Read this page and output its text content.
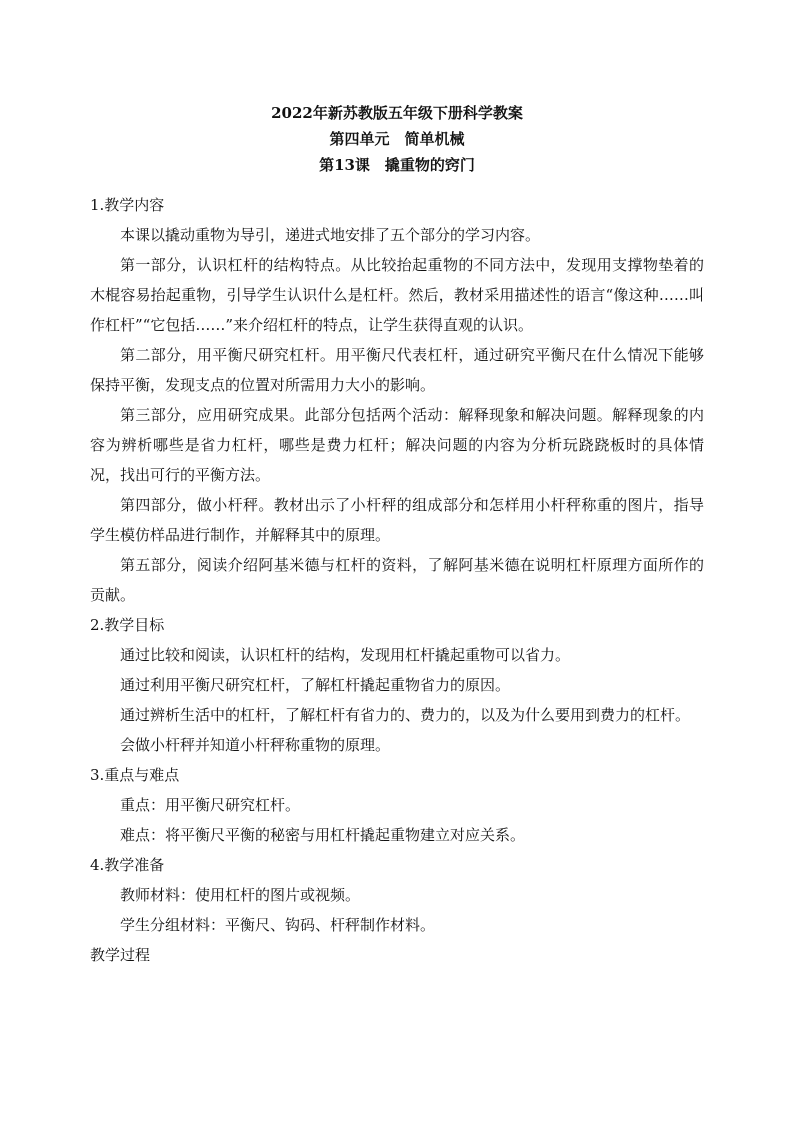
2022年新苏教版五年级下册科学教案
第四单元　简单机械
第13课　撬重物的窍门

1.教学内容

本课以撬动重物为导引，递进式地安排了五个部分的学习内容。

第一部分，认识杠杆的结构特点。从比较抬起重物的不同方法中，发现用支撑物垫着的木棍容易抬起重物，引导学生认识什么是杠杆。然后，教材采用描述性的语言“像这种……叫作杠杆”“它包括……”来介绍杠杆的特点，让学生获得直观的认识。

第二部分，用平衡尺研究杠杆。用平衡尺代表杠杆，通过研究平衡尺在什么情况下能够保持平衡，发现支点的位置对所需用力大小的影响。

第三部分，应用研究成果。此部分包括两个活动：解释现象和解决问题。解释现象的内容为辨析哪些是省力杠杆，哪些是费力杠杆；解决问题的内容为分析玩跷跷板时的具体情况，找出可行的平衡方法。

第四部分，做小杆秤。教材出示了小杆秤的组成部分和怎样用小杆秤称重的图片，指导学生模仿样品进行制作，并解释其中的原理。

第五部分，阅读介绍阿基米德与杠杆的资料，了解阿基米德在说明杠杆原理方面所作的贡献。

2.教学目标

通过比较和阅读，认识杠杆的结构，发现用杠杆撬起重物可以省力。

通过利用平衡尺研究杠杆，了解杠杆撬起重物省力的原因。

通过辨析生活中的杠杆，了解杠杆有省力的、费力的，以及为什么要用到费力的杠杆。

会做小杆秤并知道小杆秤称重物的原理。

3.重点与难点

重点：用平衡尺研究杠杆。

难点：将平衡尺平衡的秘密与用杠杆撬起重物建立对应关系。

4.教学准备

教师材料：使用杠杆的图片或视频。

学生分组材料：平衡尺、钩码、杆秤制作材料。

教学过程
